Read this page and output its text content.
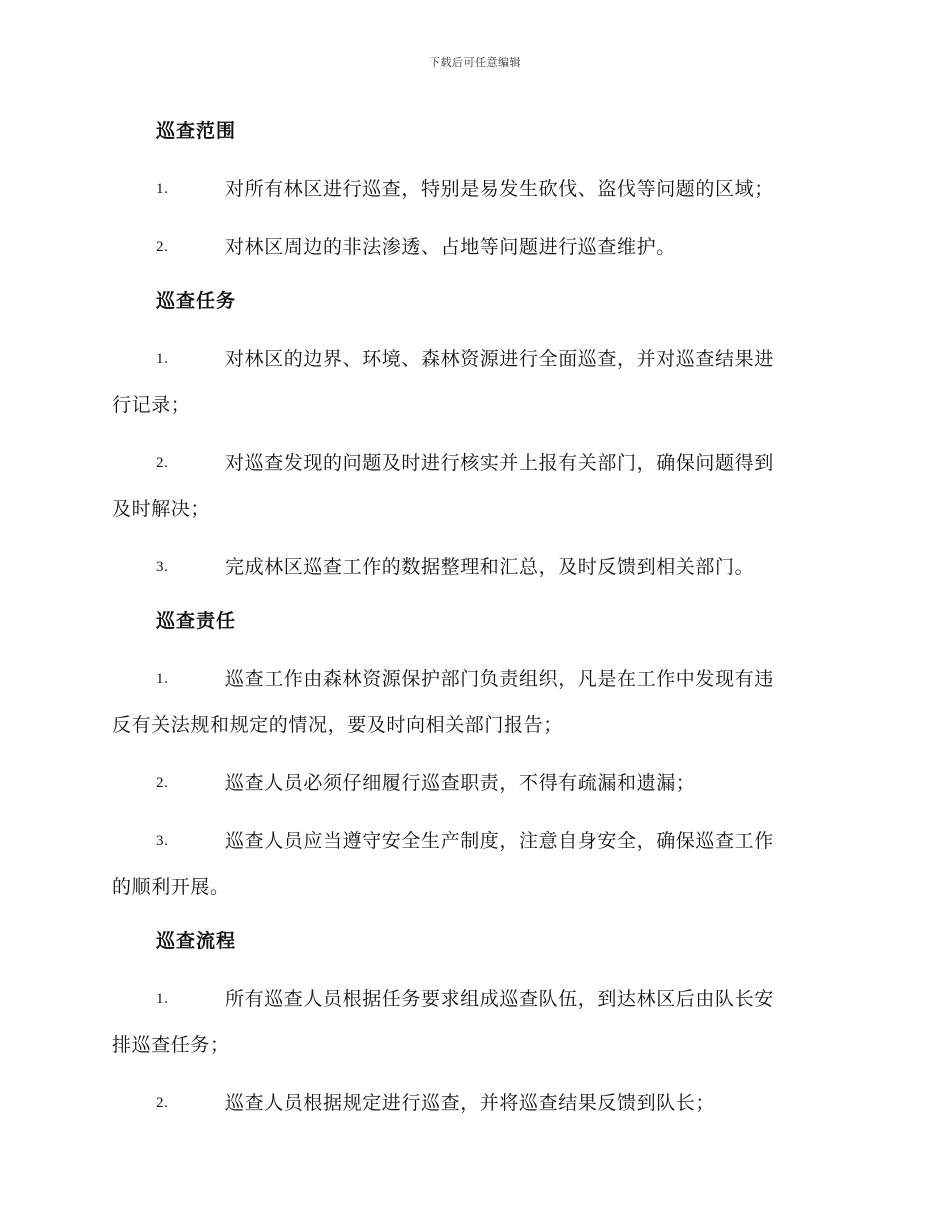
下载后可任意编辑
巡查范围
1.	对所有林区进行巡查，特别是易发生砍伐、盗伐等问题的区域；
2.	对林区周边的非法渗透、占地等问题进行巡查维护。
巡查任务
1.	对林区的边界、环境、森林资源进行全面巡查，并对巡查结果进
行记录；
2.	对巡查发现的问题及时进行核实并上报有关部门，确保问题得到
及时解决；
3.	完成林区巡查工作的数据整理和汇总，及时反馈到相关部门。
巡查责任
1.	巡查工作由森林资源保护部门负责组织，凡是在工作中发现有违
反有关法规和规定的情况，要及时向相关部门报告；
2.	巡查人员必须仔细履行巡查职责，不得有疏漏和遗漏；
3.	巡查人员应当遵守安全生产制度，注意自身安全，确保巡查工作
的顺利开展。
巡查流程
1.	所有巡查人员根据任务要求组成巡查队伍，到达林区后由队长安
排巡查任务；
2.	巡查人员根据规定进行巡查，并将巡查结果反馈到队长；
